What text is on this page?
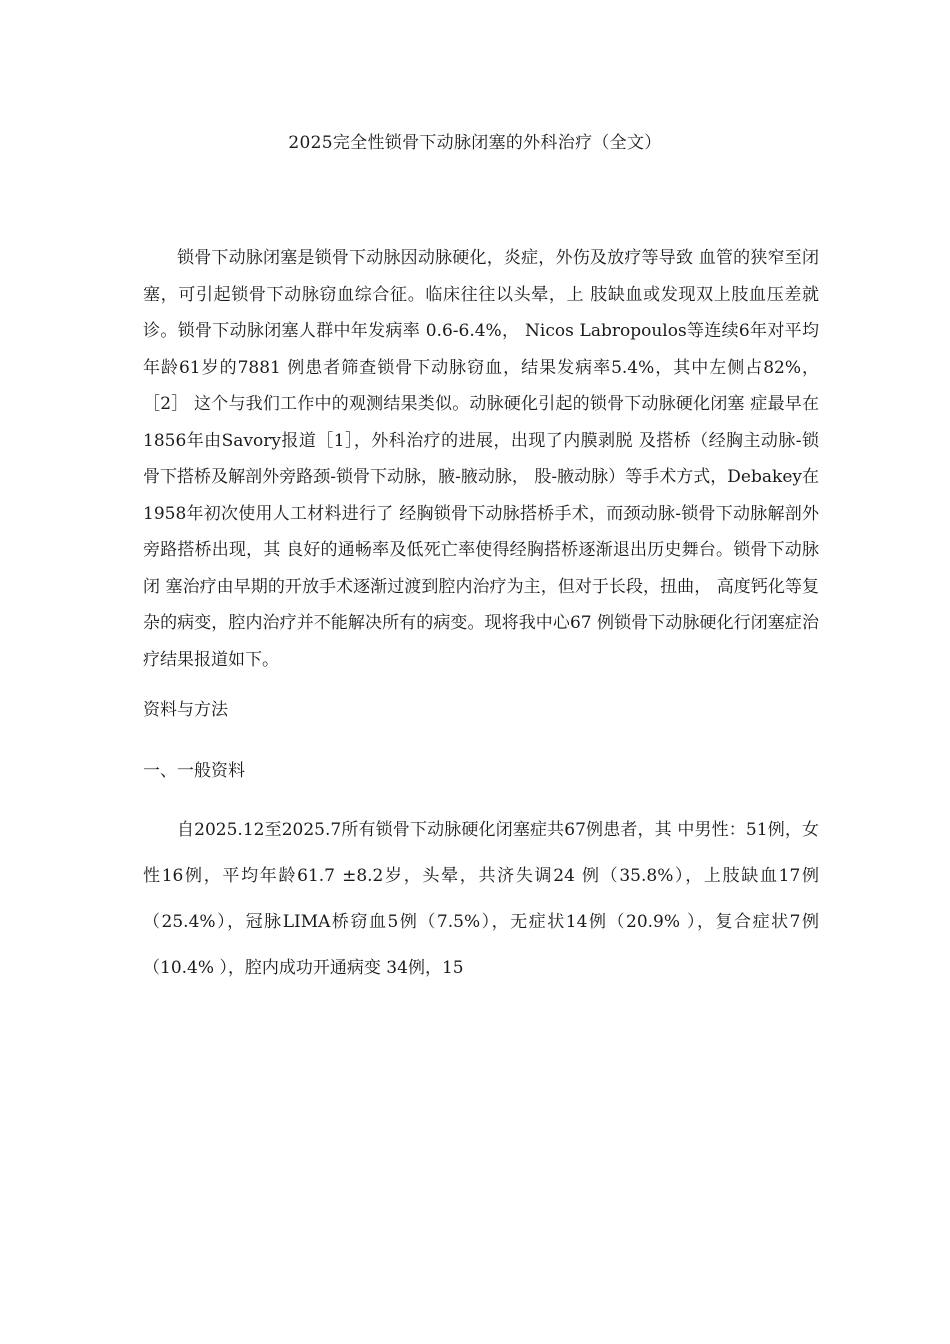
2025完全性锁骨下动脉闭塞的外科治疗（全文）

锁骨下动脉闭塞是锁骨下动脉因动脉硬化，炎症，外伤及放疗等导致 血管的狭窄至闭塞，可引起锁骨下动脉窃血综合征。临床往往以头晕，上 肢缺血或发现双上肢血压差就诊。锁骨下动脉闭塞人群中年发病率 0.6-6.4%， Nicos Labropoulos等连续6年对平均年龄61岁的7881 例患者筛查锁骨下动脉窃血，结果发病率5.4%，其中左侧占82%， ［2］ 这个与我们工作中的观测结果类似。动脉硬化引起的锁骨下动脉硬化闭塞 症最早在1856年由Savory报道［1］，外科治疗的进展，出现了内膜剥脱 及搭桥（经胸主动脉-锁骨下搭桥及解剖外旁路颈-锁骨下动脉，腋-腋动脉， 股-腋动脉）等手术方式，Debakey在1958年初次使用人工材料进行了 经胸锁骨下动脉搭桥手术，而颈动脉-锁骨下动脉解剖外旁路搭桥出现，其 良好的通畅率及低死亡率使得经胸搭桥逐渐退出历史舞台。锁骨下动脉闭 塞治疗由早期的开放手术逐渐过渡到腔内治疗为主，但对于长段，扭曲， 高度钙化等复杂的病变，腔内治疗并不能解决所有的病变。现将我中心67 例锁骨下动脉硬化行闭塞症治疗结果报道如下。

资料与方法

一、一般资料

自2025.12至2025.7所有锁骨下动脉硬化闭塞症共67例患者，其 中男性：51例，女性16例，平均年龄61.7 ±8.2岁，头晕，共济失调24 例（35.8%），上肢缺血17例（25.4%），冠脉LIMA桥窃血5例（7.5%），无症状14例（20.9% ），复合症状7例（10.4% ），腔内成功开通病变 34例，15
